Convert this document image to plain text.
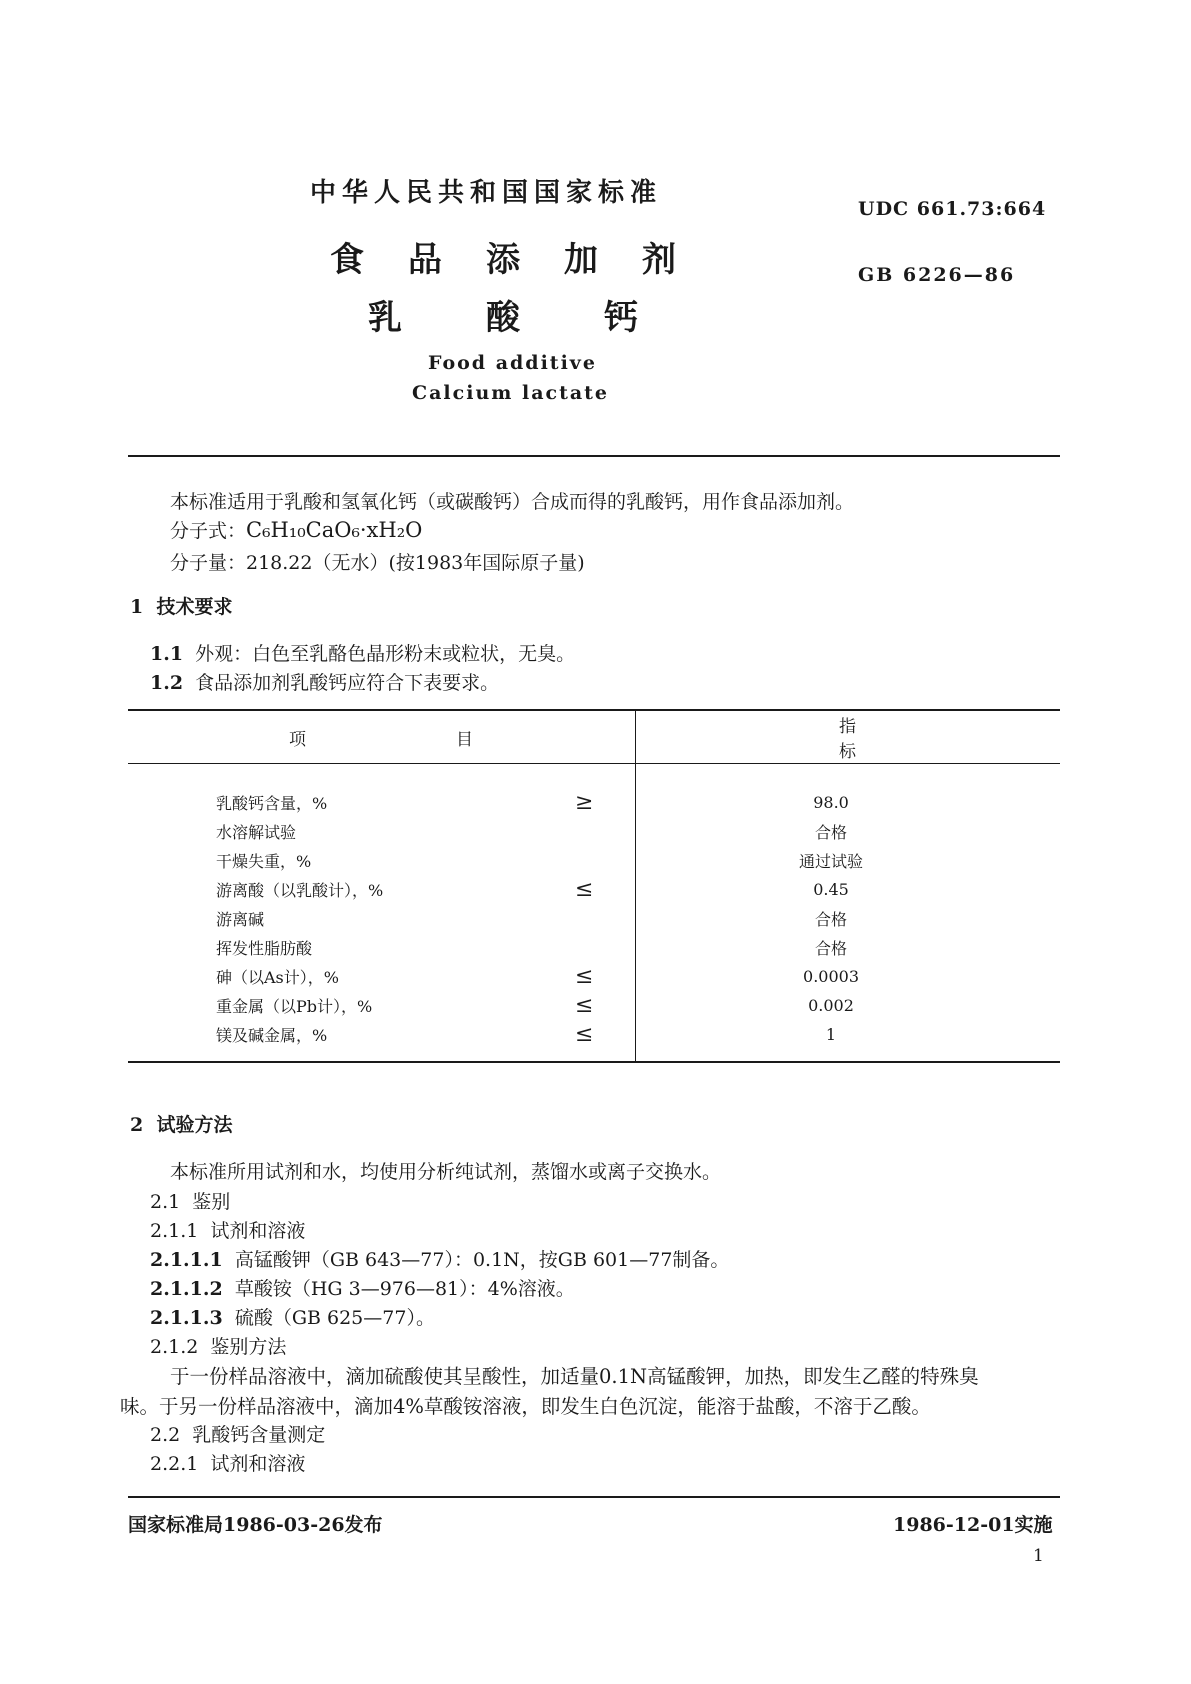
中华人民共和国国家标准
食品添加剂
乳酸钙
Food additive
Calcium lactate
UDC 661.73:664
GB 6226—86
本标准适用于乳酸和氢氧化钙（或碳酸钙）合成而得的乳酸钙，用作食品添加剂。
分子式：C₆H₁₀CaO₆·xH₂O
分子量：218.22（无水）(按1983年国际原子量)
1  技术要求
1.1 外观：白色至乳酪色晶形粉末或粒状，无臭。
1.2 食品添加剂乳酸钙应符合下表要求。
项目		指标
乳酸钙含量，%	≥	98.0
水溶解试验		合格
干燥失重，%		通过试验
游离酸（以乳酸计），%	≤	0.45
游离碱		合格
挥发性脂肪酸		合格
砷（以As计），%	≤	0.0003
重金属（以Pb计），%	≤	0.002
镁及碱金属，%	≤	1
2  试验方法
本标准所用试剂和水，均使用分析纯试剂，蒸馏水或离子交换水。
2.1  鉴别
2.1.1  试剂和溶液
2.1.1.1 高锰酸钾（GB 643—77）：0.1N，按GB 601—77制备。
2.1.1.2 草酸铵（HG 3—976—81）：4%溶液。
2.1.1.3 硫酸（GB 625—77）。
2.1.2  鉴别方法
于一份样品溶液中，滴加硫酸使其呈酸性，加适量0.1N高锰酸钾，加热，即发生乙醛的特殊臭
味。于另一份样品溶液中，滴加4%草酸铵溶液，即发生白色沉淀，能溶于盐酸，不溶于乙酸。
2.2  乳酸钙含量测定
2.2.1  试剂和溶液
国家标准局1986-03-26发布	1986-12-01实施
1
